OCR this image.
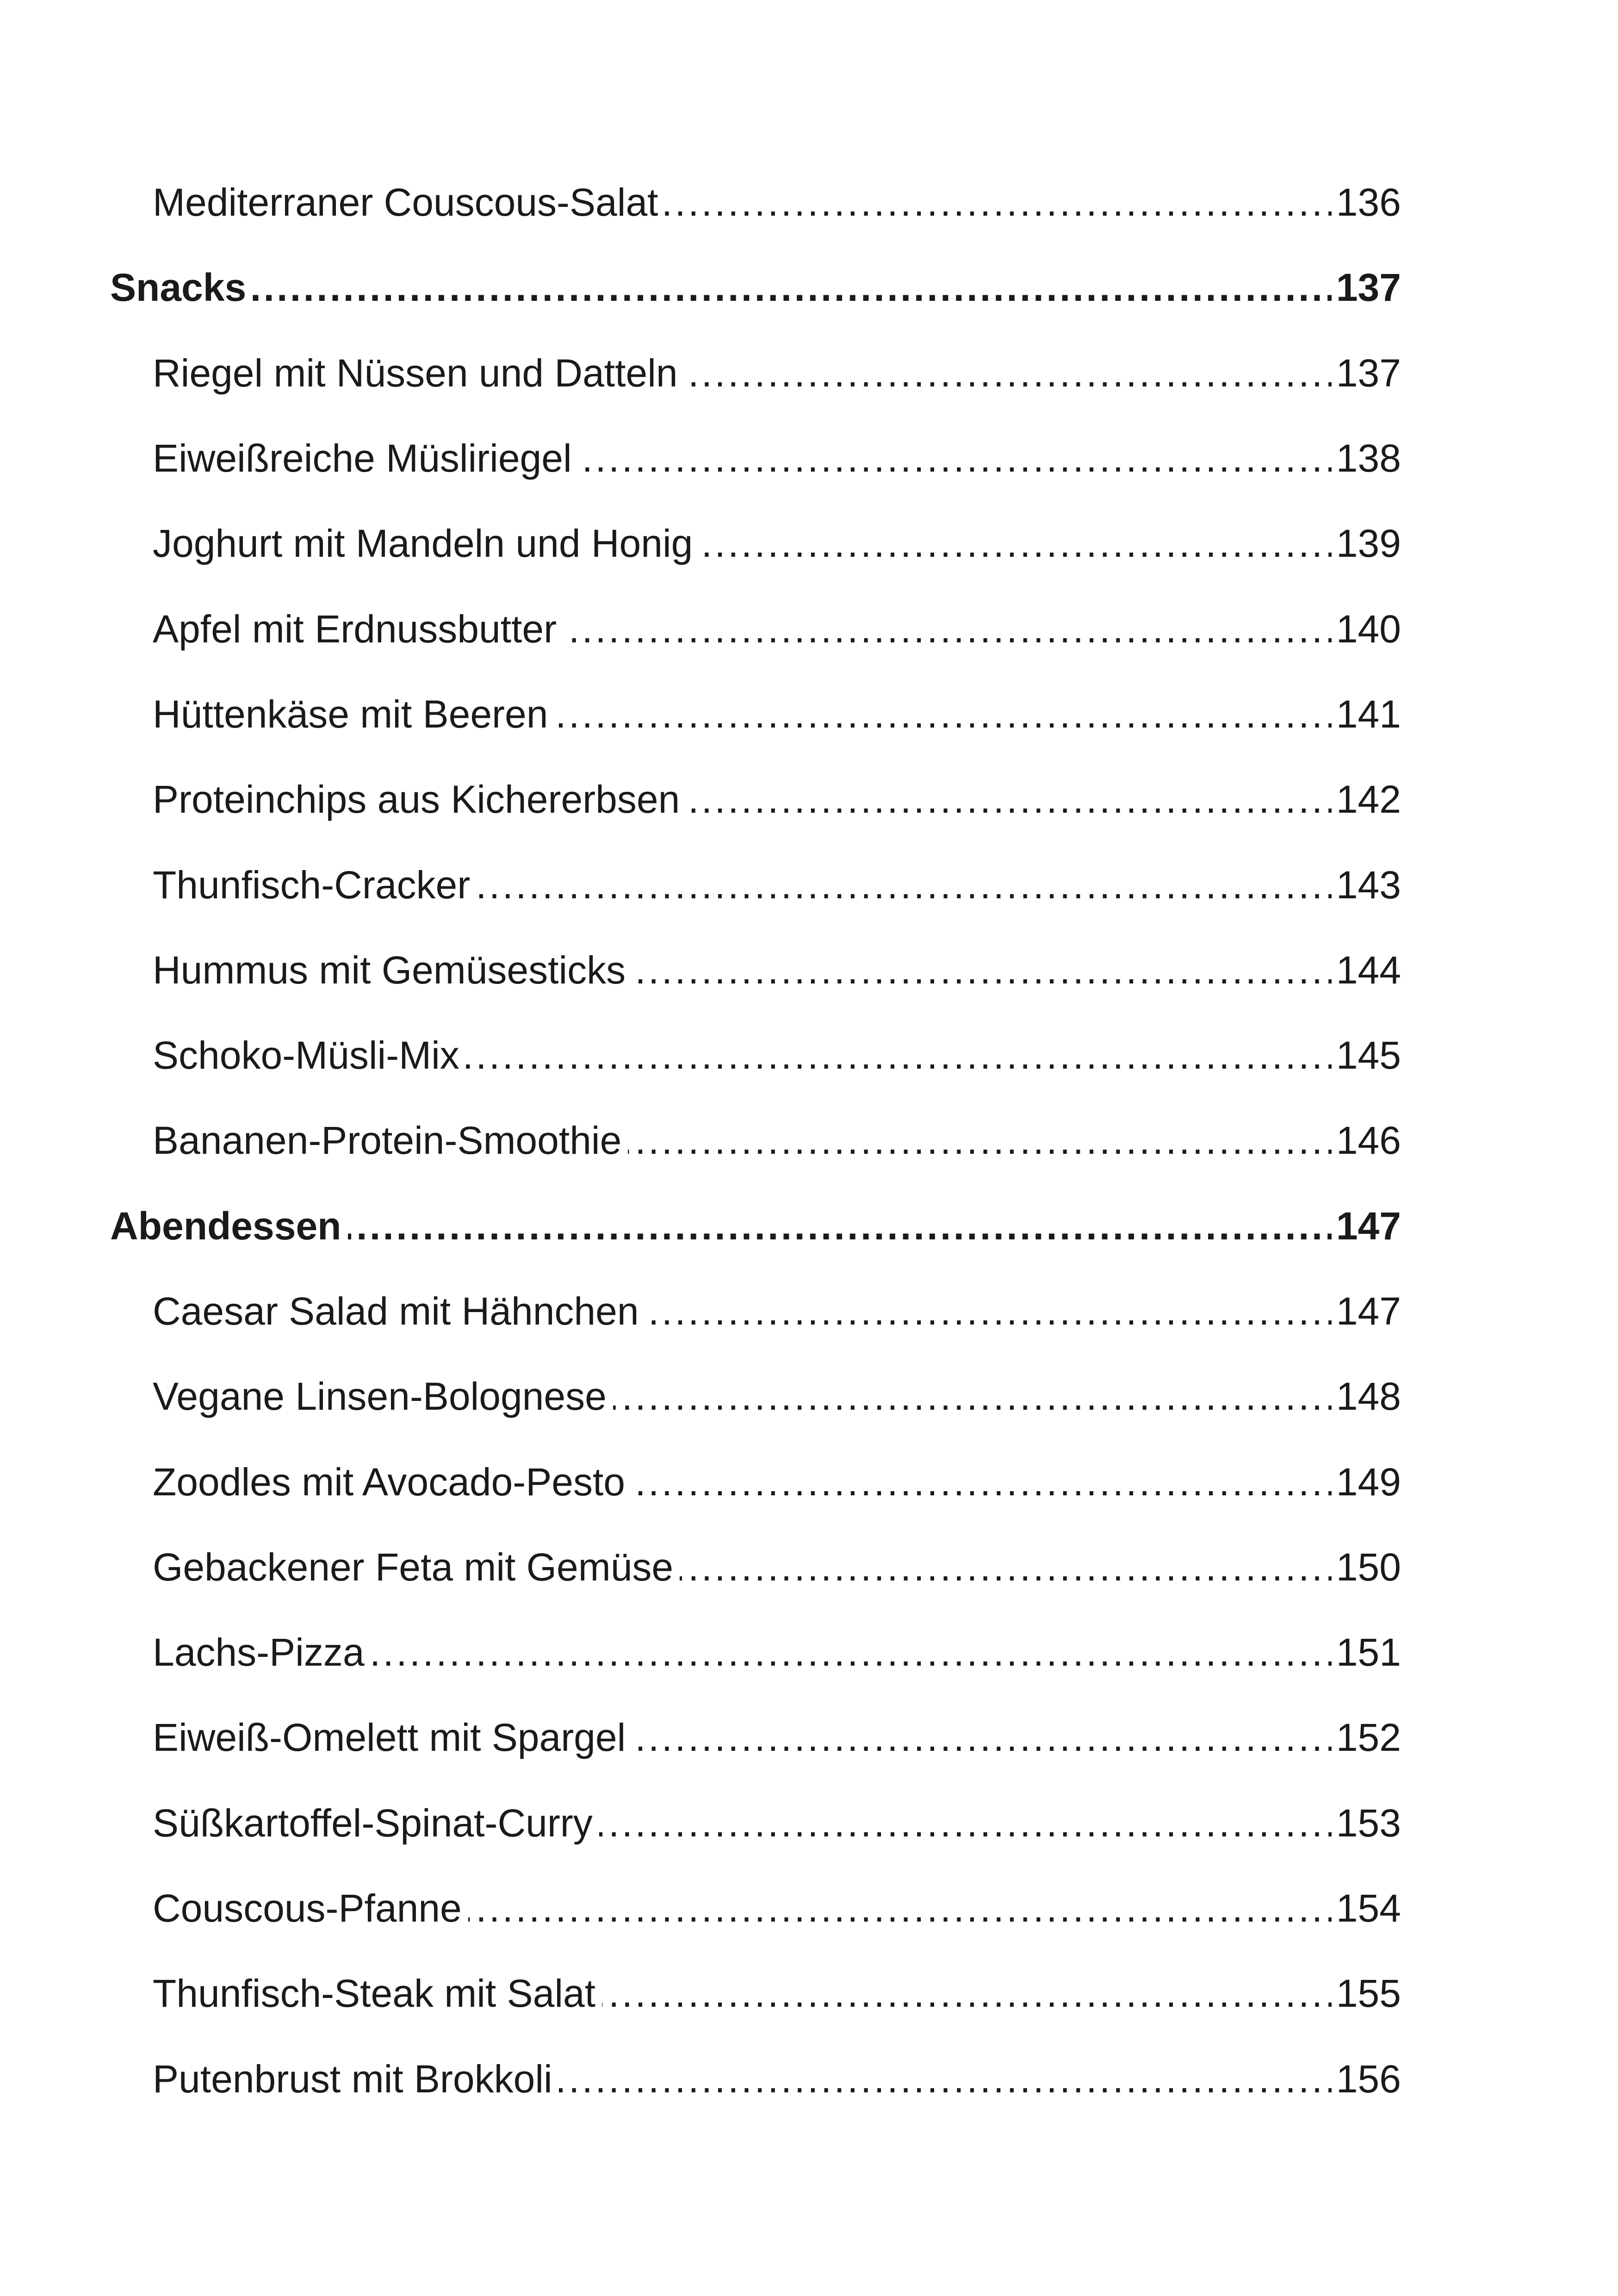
Mediterraner Couscous-Salat . . .	136
Snacks . . .	137
Riegel mit Nüssen und Datteln . . .	137
Eiweißreiche Müsliriegel . . .	138
Joghurt mit Mandeln und Honig . . .	139
Apfel mit Erdnussbutter . . .	140
Hüttenkäse mit Beeren . . .	141
Proteinchips aus Kichererbsen . . .	142
Thunfisch-Cracker . . .	143
Hummus mit Gemüsesticks . . .	144
Schoko-Müsli-Mix . . .	145
Bananen-Protein-Smoothie . . .	146
Abendessen . . .	147
Caesar Salad mit Hähnchen . . .	147
Vegane Linsen-Bolognese . . .	148
Zoodles mit Avocado-Pesto . . .	149
Gebackener Feta mit Gemüse . . .	150
Lachs-Pizza . . .	151
Eiweiß-Omelett mit Spargel . . .	152
Süßkartoffel-Spinat-Curry . . .	153
Couscous-Pfanne . . .	154
Thunfisch-Steak mit Salat . . .	155
Putenbrust mit Brokkoli . . .	156
